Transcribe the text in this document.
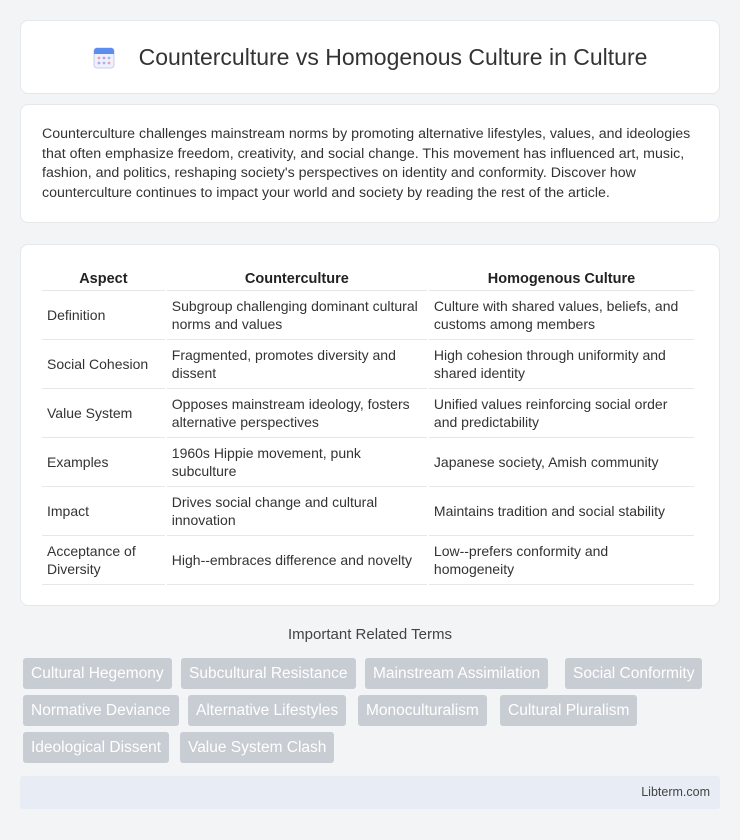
Counterculture vs Homogenous Culture in Culture

Counterculture challenges mainstream norms by promoting alternative lifestyles, values, and ideologies that often emphasize freedom, creativity, and social change. This movement has influenced art, music, fashion, and politics, reshaping society's perspectives on identity and conformity. Discover how counterculture continues to impact your world and society by reading the rest of the article.

Aspect	Counterculture	Homogenous Culture
Definition	Subgroup challenging dominant cultural norms and values	Culture with shared values, beliefs, and customs among members
Social Cohesion	Fragmented, promotes diversity and dissent	High cohesion through uniformity and shared identity
Value System	Opposes mainstream ideology, fosters alternative perspectives	Unified values reinforcing social order and predictability
Examples	1960s Hippie movement, punk subculture	Japanese society, Amish community
Impact	Drives social change and cultural innovation	Maintains tradition and social stability
Acceptance of Diversity	High--embraces difference and novelty	Low--prefers conformity and homogeneity
Important Related Terms
Cultural Hegemony	Subcultural Resistance	Mainstream Assimilation	Social Conformity
Normative Deviance	Alternative Lifestyles	Monoculturalism	Cultural Pluralism
Ideological Dissent	Value System Clash
Libterm.com
